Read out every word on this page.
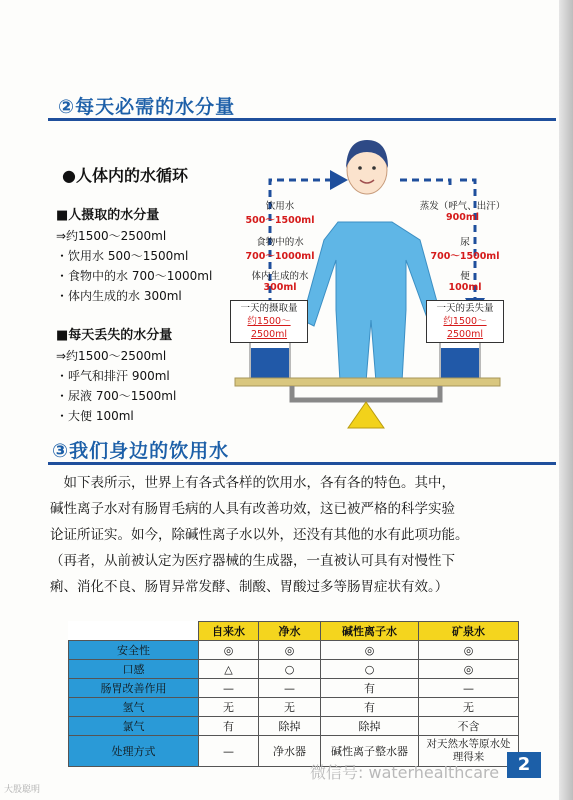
②每天必需的水分量
●人体内的水循环
■人摄取的水分量
⇒约1500～2500ml
・饮用水 500～1500ml
・食物中的水 700～1000ml
・体内生成的水 300ml
■每天丢失的水分量
⇒约1500～2500ml
・呼气和排汗 900ml
・尿液 700～1500ml
・大便 100ml
饮用水
500～1500ml
食物中的水
700～1000ml
体内生成的水
300ml
蒸发（呼气、出汗）
900ml
尿
700～1500ml
便
100ml
一天的摄取量
约1500～2500ml
一天的丢失量
约1500～2500ml
③我们身边的饮用水

　如下表所示，世界上有各式各样的饮用水，各有各的特色。其中，

碱性离子水对有肠胃毛病的人具有改善功效，这已被严格的科学实验

论证所证实。如今，除碱性离子水以外，还没有其他的水有此项功能。

（再者，从前被认定为医疗器械的生成器，一直被认可具有对慢性下

痢、消化不良、肠胃异常发酵、制酸、胃酸过多等肠胃症状有效。）

	自来水	净水	碱性离子水	矿泉水
安全性	◎	◎	◎	◎
口感	△	○	○	◎
肠胃改善作用	—	—	有	—
氢气	无	无	有	无
氯气	有	除掉	除掉	不含
处理方式	—	净水器	碱性离子整水器	对天然水等原水处理得来
微信号: waterhealthcare
大股聪明
2
